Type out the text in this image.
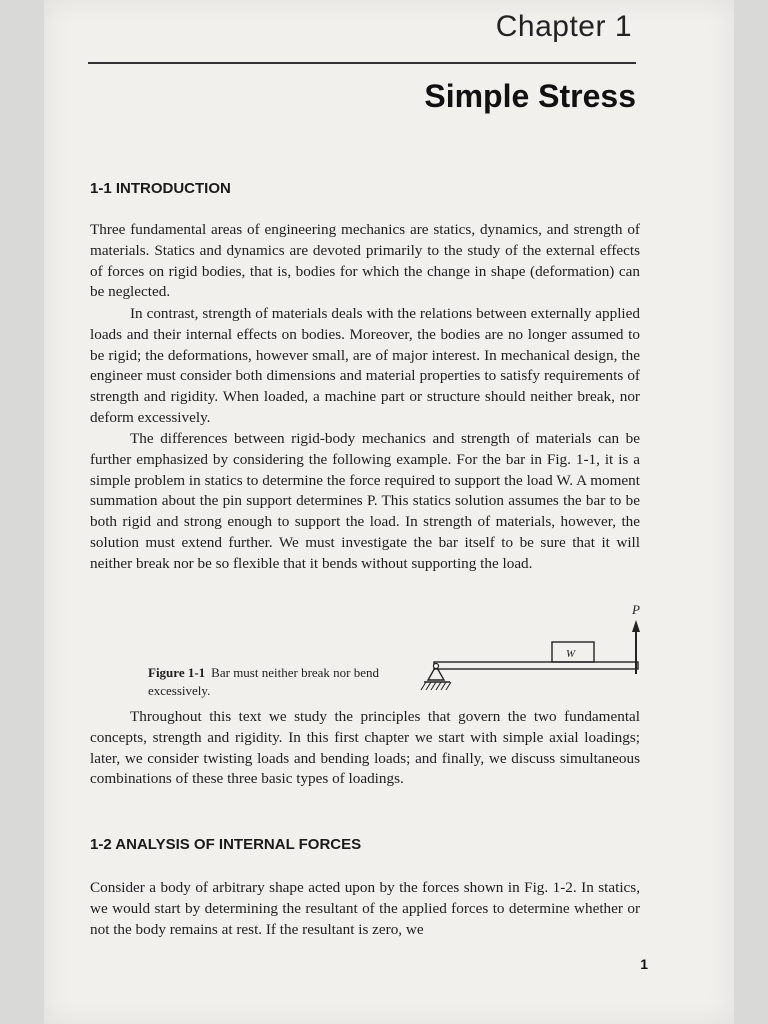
Chapter 1
Simple Stress
1-1 INTRODUCTION

Three fundamental areas of engineering mechanics are statics, dynamics, and strength of materials. Statics and dynamics are devoted primarily to the study of the external effects of forces on rigid bodies, that is, bodies for which the change in shape (deformation) can be neglected.

In contrast, strength of materials deals with the relations between externally applied loads and their internal effects on bodies. Moreover, the bodies are no longer assumed to be rigid; the deformations, however small, are of major interest. In mechanical design, the engineer must consider both dimensions and material properties to satisfy requirements of strength and rigidity. When loaded, a machine part or structure should neither break, nor deform excessively.

The differences between rigid-body mechanics and strength of materials can be further emphasized by considering the following example. For the bar in Fig. 1-1, it is a simple problem in statics to determine the force required to support the load W. A moment summation about the pin support determines P. This statics solution assumes the bar to be both rigid and strong enough to support the load. In strength of materials, however, the solution must extend further. We must investigate the bar itself to be sure that it will neither break nor be so flexible that it bends without supporting the load.

Figure 1-1 Bar must neither break nor bend excessively.
P
W

Throughout this text we study the principles that govern the two fundamental concepts, strength and rigidity. In this first chapter we start with simple axial loadings; later, we consider twisting loads and bending loads; and finally, we discuss simultaneous combinations of these three basic types of loadings.

1-2 ANALYSIS OF INTERNAL FORCES

Consider a body of arbitrary shape acted upon by the forces shown in Fig. 1-2. In statics, we would start by determining the resultant of the applied forces to determine whether or not the body remains at rest. If the resultant is zero, we

1
